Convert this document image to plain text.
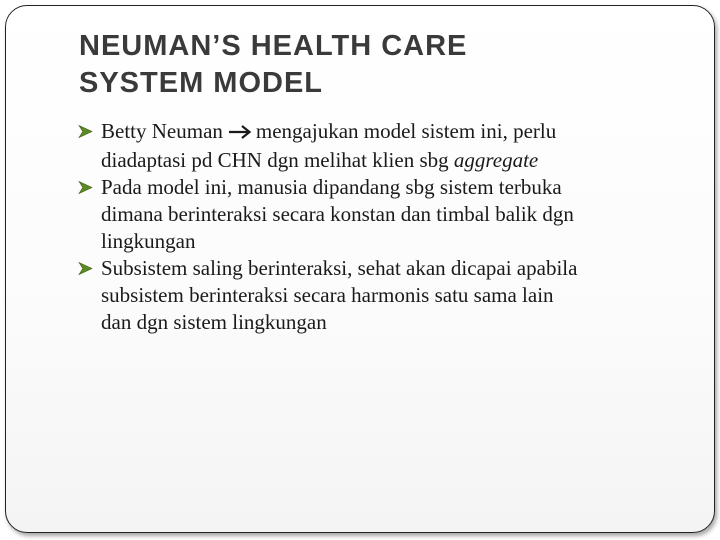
NEUMAN’S HEALTH CARE
SYSTEM MODEL
Betty Neuman mengajukan model sistem ini, perlu
diadaptasi pd CHN dgn melihat klien sbg aggregate
Pada model ini, manusia dipandang sbg sistem terbuka
dimana berinteraksi secara konstan dan timbal balik dgn
lingkungan
Subsistem saling berinteraksi, sehat akan dicapai apabila
subsistem berinteraksi secara harmonis satu sama lain
dan dgn sistem lingkungan
